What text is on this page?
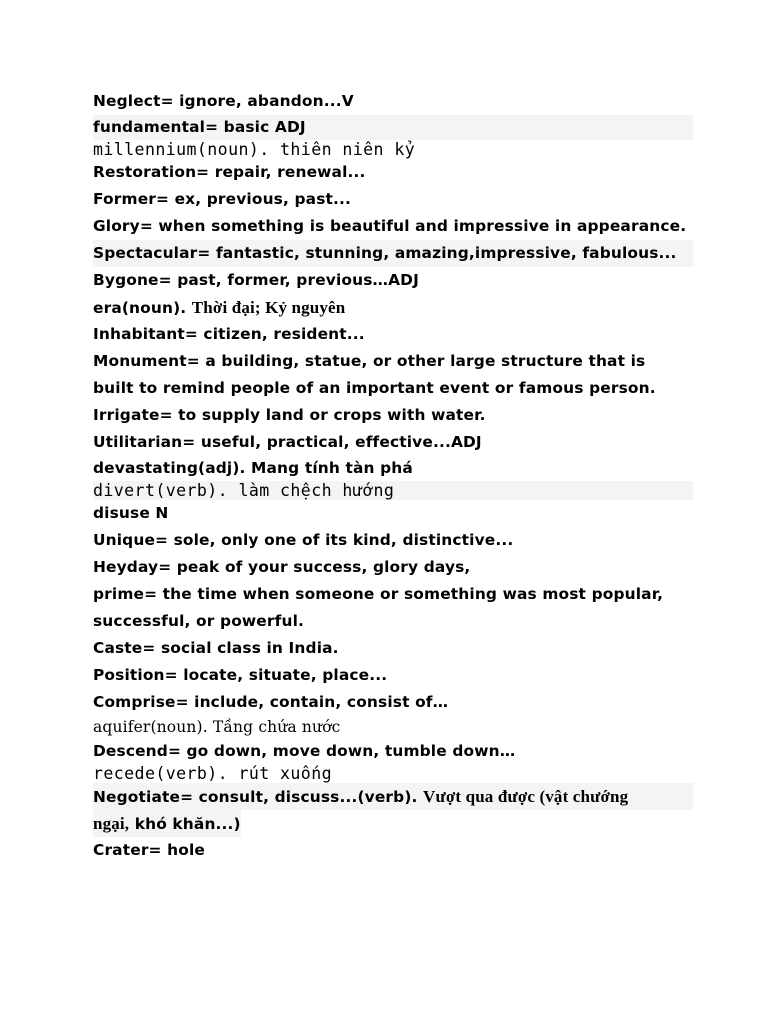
Neglect= ignore, abandon...V
fundamental= basic ADJ
millennium(noun). thiên niên kỷ
Restoration= repair, renewal...
Former= ex, previous, past...
Glory= when something is beautiful and impressive in appearance.
Spectacular= fantastic, stunning, amazing,impressive, fabulous...
Bygone= past, former, previous…ADJ
era(noun). Thời đại; Kỷ nguyên
Inhabitant= citizen, resident...
Monument= a building, statue, or other large structure that is
built to remind people of an important event or famous person.
Irrigate= to supply land or crops with water.
Utilitarian= useful, practical, effective...ADJ
devastating(adj). Mang tính tàn phá
divert(verb). làm chệch hướng
disuse N
Unique= sole, only one of its kind, distinctive...
Heyday= peak of your success, glory days,
prime= the time when someone or something was most popular,
successful, or powerful.
Caste= social class in India.
Position= locate, situate, place...
Comprise= include, contain, consist of…
aquifer(noun). Tầng chứa nước
Descend= go down, move down, tumble down…
recede(verb). rút xuống
Negotiate= consult, discuss...(verb). Vượt qua được (vật chướng
ngại, khó khăn...)
Crater= hole
